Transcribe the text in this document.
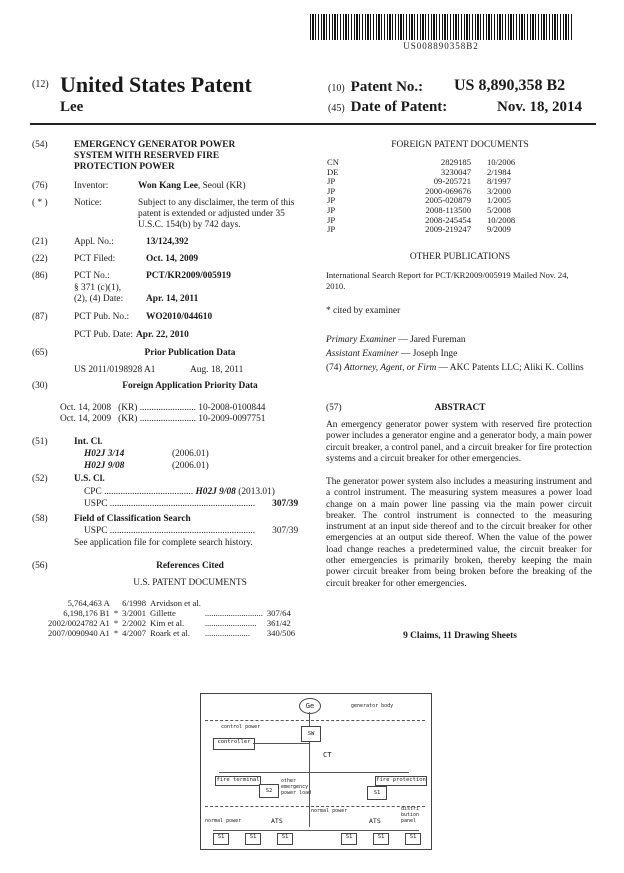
US008890358B2
(12) United States Patent
Lee
(10) Patent No.: US 8,890,358 B2
(45) Date of Patent:	Nov. 18, 2014
(54)	EMERGENCY GENERATOR POWER
SYSTEM WITH RESERVED FIRE
PROTECTION POWER
(76)	Inventor:	Won Kang Lee, Seoul (KR)
( * )	Notice:	Subject to any disclaimer, the term of this
patent is extended or adjusted under 35
U.S.C. 154(b) by 742 days.
(21)	Appl. No.:	13/124,392
(22)	PCT Filed:	Oct. 14, 2009
(86)	PCT No.:	PCT/KR2009/005919
§ 371 (c)(1),
(2), (4) Date: Apr. 14, 2011
(87)	PCT Pub. No.: WO2010/044610
PCT Pub. Date: Apr. 22, 2010
(65)	Prior Publication Data
US 2011/0198928 A1	Aug. 18, 2011
(30)	Foreign Application Priority Data
Oct. 14, 2008 (KR) ........................ 10-2008-0100844
Oct. 14, 2009 (KR) ........................ 10-2009-0097751
(51)	Int. Cl.
H02J 3/14	(2006.01)
H02J 9/08	(2006.01)
(52)	U.S. Cl.
CPC ...................................... H02J 9/08 (2013.01)
USPC .............................................................. 307/39
(58)	Field of Classification Search
USPC .............................................................. 307/39
See application file for complete search history.
(56)	References Cited
U.S. PATENT DOCUMENTS
5,764,463 A		6/1998	Arvidson et al.		
6,198,176 B1	*	3/2001	Gillette	...........................	307/64
2002/0024782 A1	*	2/2002	Kim et al.	........................	361/42
2007/0090940 A1	*	4/2007	Roark et al.	.....................	340/506
FOREIGN PATENT DOCUMENTS
CN	2829185	10/2006
DE	3230047	2/1984
JP	09-205721	8/1997
JP	2000-069676	3/2000
JP	2005-020879	1/2005
JP	2008-113500	5/2008
JP	2008-245454	10/2008
JP	2009-219247	9/2009
OTHER PUBLICATIONS
International Search Report for PCT/KR2009/005919 Mailed Nov. 24, 2010.
* cited by examiner
Primary Examiner — Jared Fureman
Assistant Examiner — Joseph Inge
(74) Attorney, Agent, or Firm — AKC Patents LLC; Aliki K. Collins
(57)	ABSTRACT
An emergency generator power system with reserved fire protection power includes a generator engine and a generator body, a main power circuit breaker, a control panel, and a circuit breaker for fire protection systems and a circuit breaker for other emergencies.
The generator power system also includes a measuring instrument and a control instrument. The measuring system measures a power load change on a main power line passing via the main power circuit breaker. The control instrument is connected to the measuring instrument at an input side thereof and to the circuit breaker for other emergencies at an output side thereof. When the value of the power load change reaches a predetermined value, the circuit breaker for other emergencies is primarily broken, thereby keeping the main power circuit breaker from being broken before the breaking of the circuit breaker for other emergencies.
9 Claims, 11 Drawing Sheets
Ge	generator body
control power
SW
controller
CT
fire terminal
S2
other emergency power load
fire protection
S1
normal power	ATS
normal power
ATS
distri bution panel
S1	S1	S1	S1	S1	S1
